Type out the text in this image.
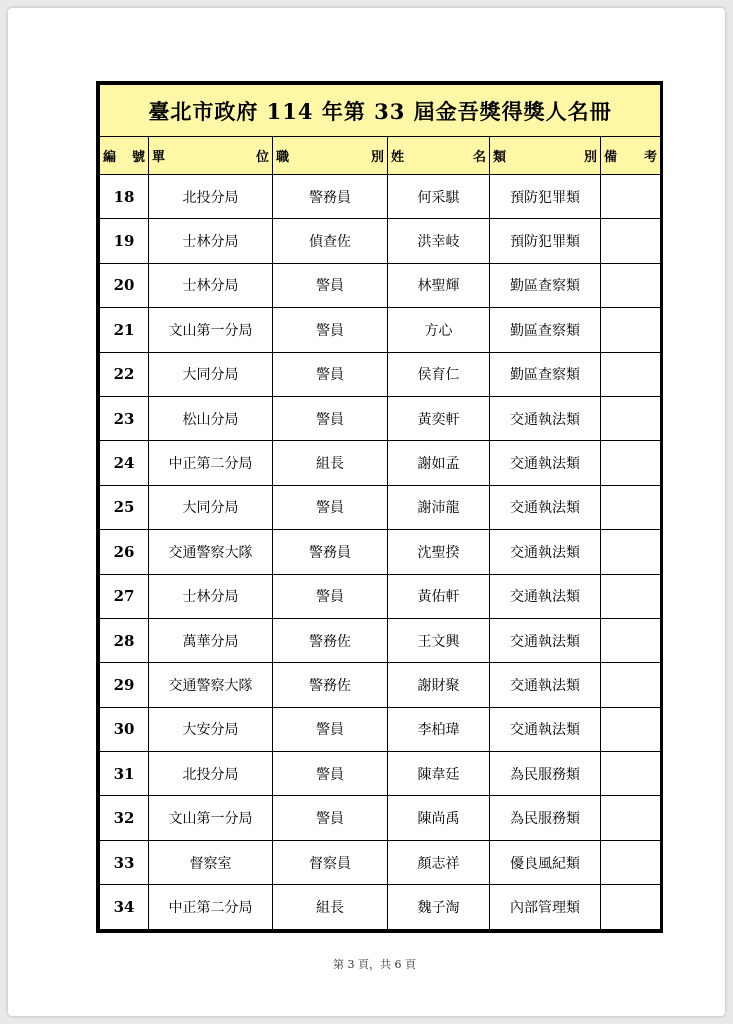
臺北市政府 114 年第 33 屆金吾獎得獎人名冊					

編 號	單 位	職 別	姓 名	類 別	備 考

18	北投分局	警務員	何采騏	預防犯罪類	
19	士林分局	偵查佐	洪幸岐	預防犯罪類	
20	士林分局	警員	林聖輝	勤區查察類	
21	文山第一分局	警員	方心	勤區查察類	
22	大同分局	警員	侯育仁	勤區查察類	
23	松山分局	警員	黃奕軒	交通執法類	
24	中正第二分局	組長	謝如孟	交通執法類	
25	大同分局	警員	謝沛龍	交通執法類	
26	交通警察大隊	警務員	沈聖揆	交通執法類	
27	士林分局	警員	黃佑軒	交通執法類	
28	萬華分局	警務佐	王文興	交通執法類	
29	交通警察大隊	警務佐	謝財聚	交通執法類	
30	大安分局	警員	李柏瑋	交通執法類	
31	北投分局	警員	陳韋廷	為民服務類	
32	文山第一分局	警員	陳尚禹	為民服務類	
33	督察室	督察員	顏志祥	優良風紀類	
34	中正第二分局	組長	魏子淘	內部管理類	
第 3 頁，共 6 頁
